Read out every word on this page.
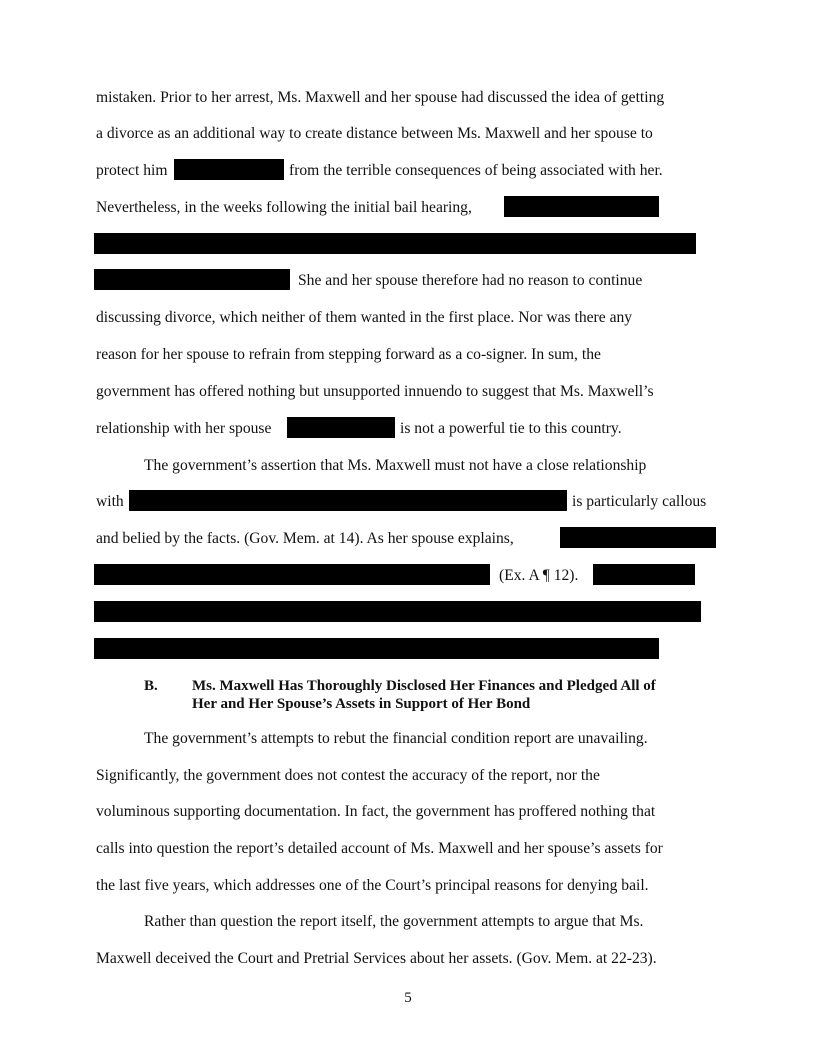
mistaken. Prior to her arrest, Ms. Maxwell and her spouse had discussed the idea of getting
a divorce as an additional way to create distance between Ms. Maxwell and her spouse to
protect him	from the terrible consequences of being associated with her.
Nevertheless, in the weeks following the initial bail hearing,
She and her spouse therefore had no reason to continue
discussing divorce, which neither of them wanted in the first place. Nor was there any
reason for her spouse to refrain from stepping forward as a co-signer. In sum, the
government has offered nothing but unsupported innuendo to suggest that Ms. Maxwell’s
relationship with her spouse	is not a powerful tie to this country.
The government’s assertion that Ms. Maxwell must not have a close relationship
with	is particularly callous
and belied by the facts. (Gov. Mem. at 14). As her spouse explains,
(Ex. A ¶ 12).
B. Ms. Maxwell Has Thoroughly Disclosed Her Finances and Pledged All of
Her and Her Spouse’s Assets in Support of Her Bond
The government’s attempts to rebut the financial condition report are unavailing.
Significantly, the government does not contest the accuracy of the report, nor the
voluminous supporting documentation. In fact, the government has proffered nothing that
calls into question the report’s detailed account of Ms. Maxwell and her spouse’s assets for
the last five years, which addresses one of the Court’s principal reasons for denying bail.
Rather than question the report itself, the government attempts to argue that Ms.
Maxwell deceived the Court and Pretrial Services about her assets. (Gov. Mem. at 22-23).
5
